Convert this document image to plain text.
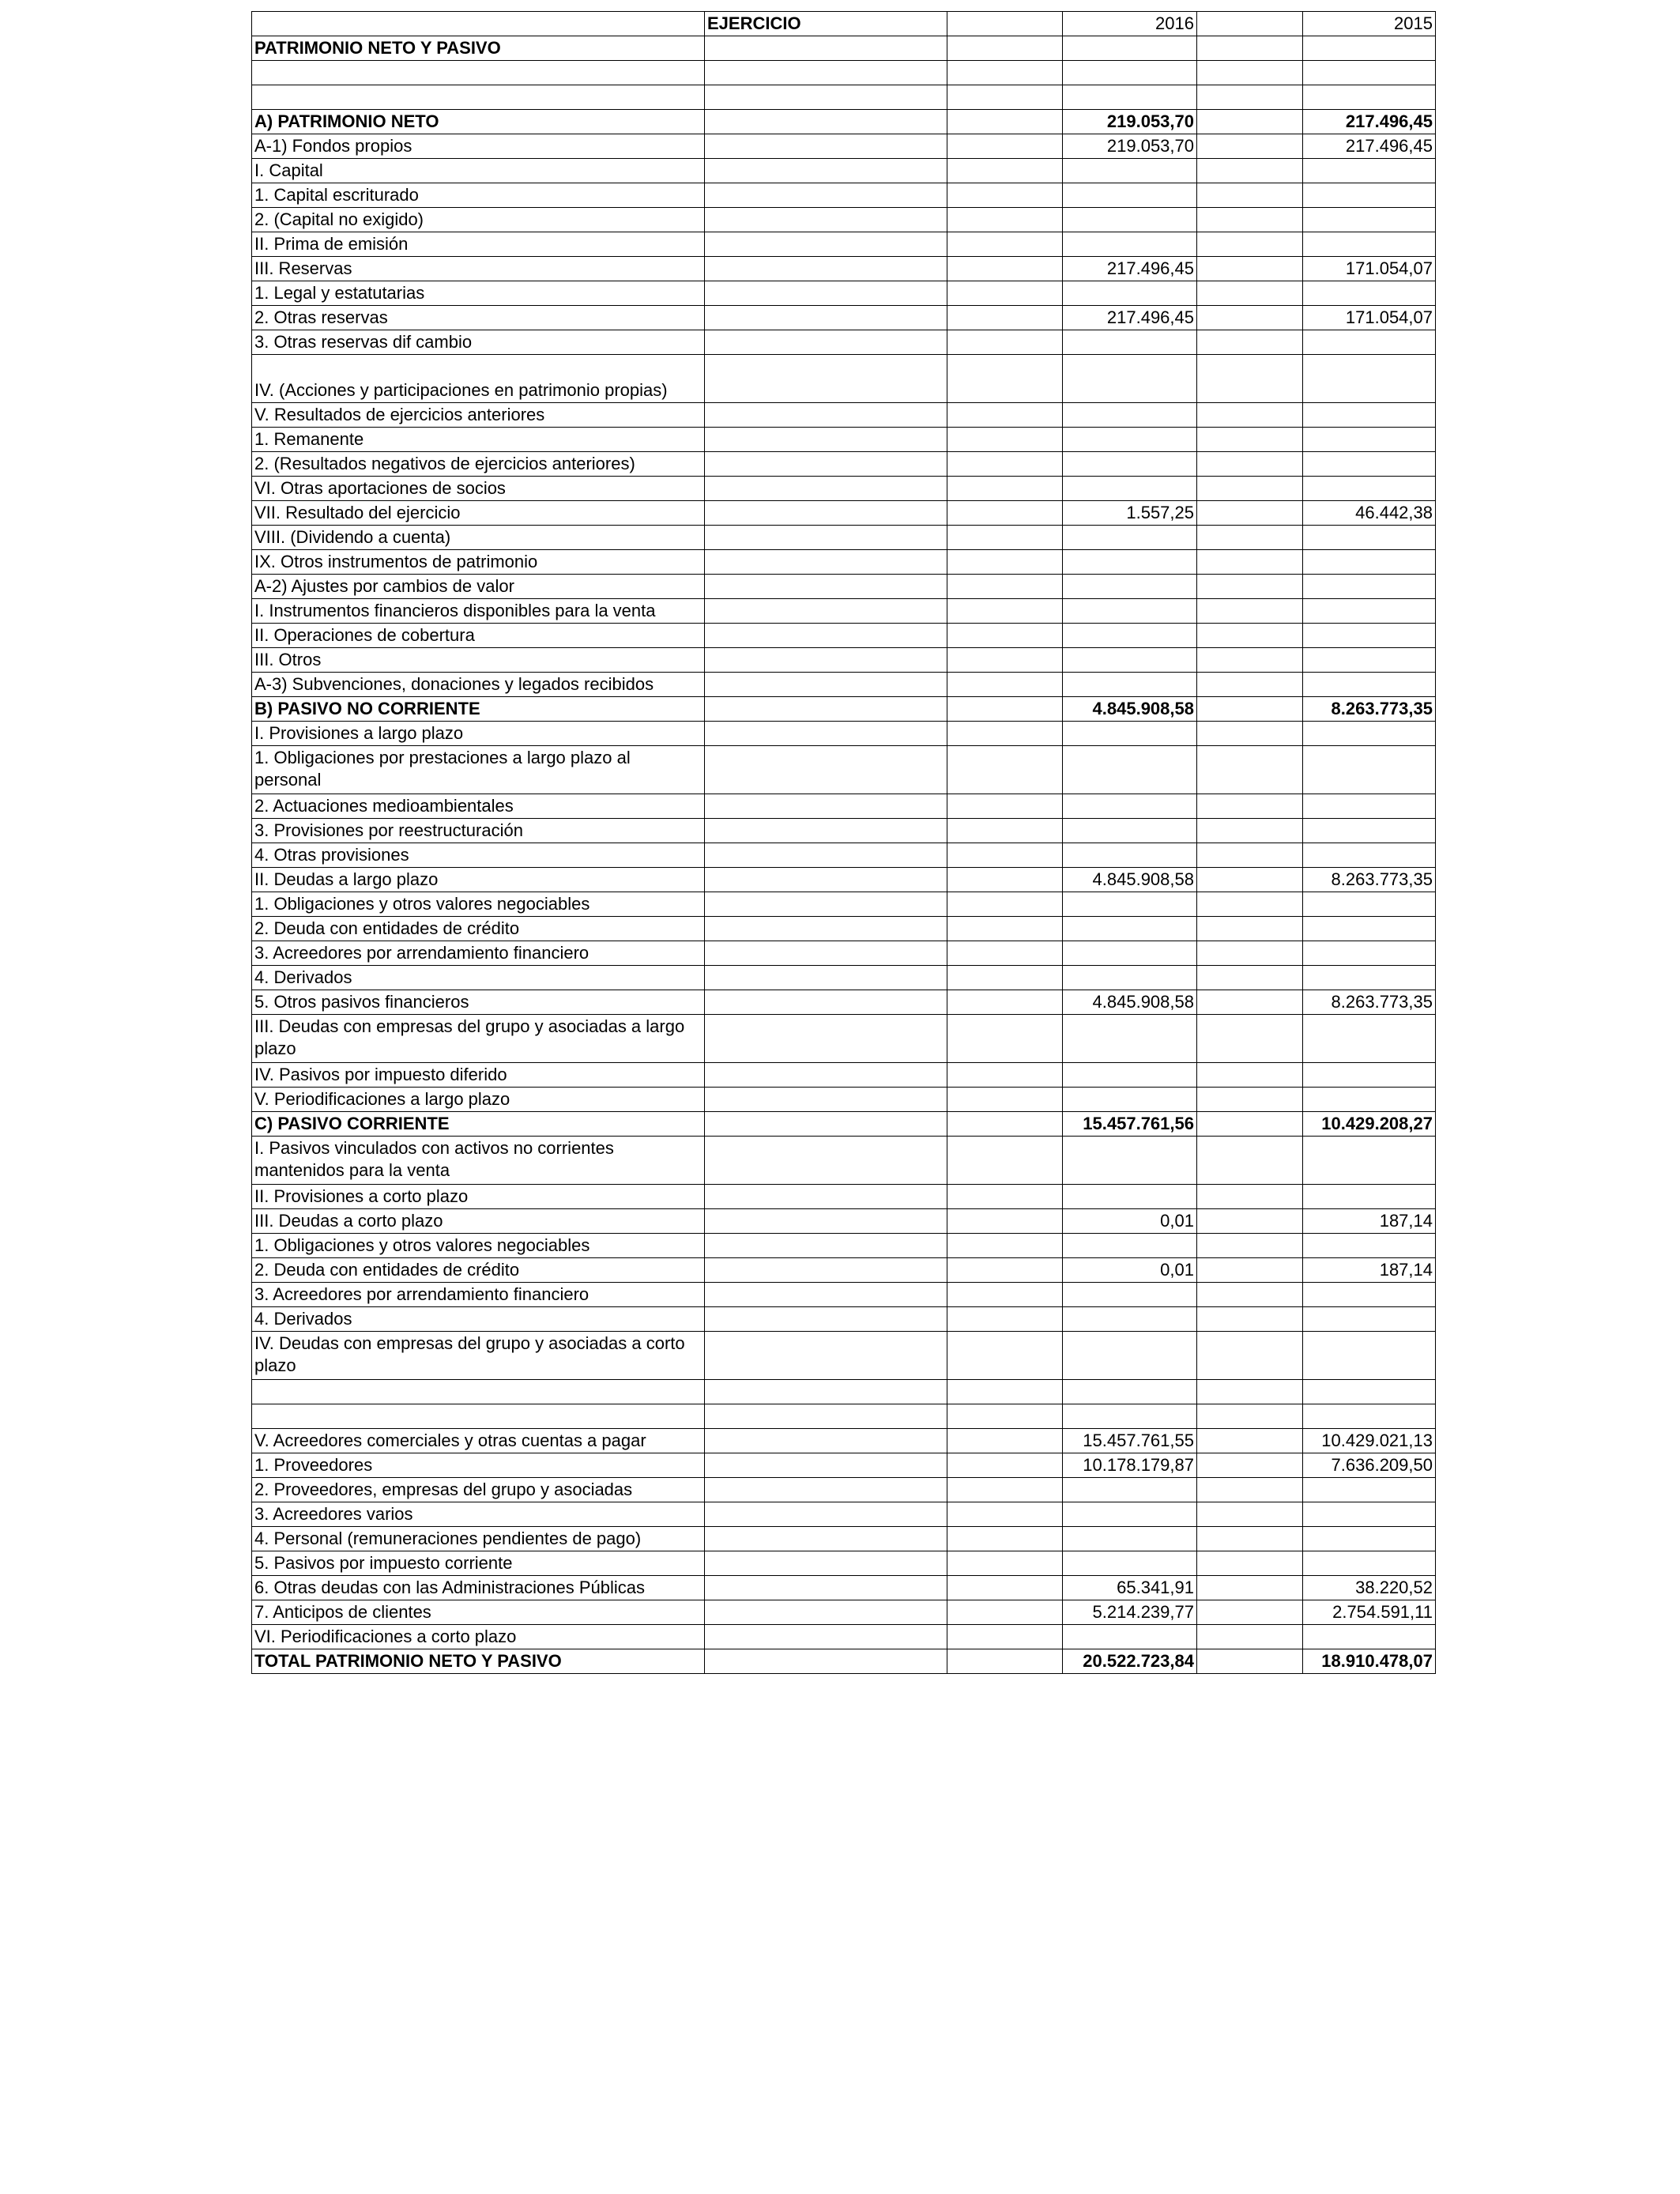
	EJERCICIO		2016		2015
PATRIMONIO NETO Y PASIVO					

A) PATRIMONIO NETO			219.053,70		217.496,45
A-1) Fondos propios			219.053,70		217.496,45
I. Capital					
1. Capital escriturado					
2. (Capital no exigido)					
II. Prima de emisión					
III. Reservas			217.496,45		171.054,07
1. Legal y estatutarias					
2. Otras reservas			217.496,45		171.054,07
3. Otras reservas dif cambio					
IV. (Acciones y participaciones en patrimonio propias)					
V. Resultados de ejercicios anteriores					
1. Remanente					
2. (Resultados negativos de ejercicios anteriores)					
VI. Otras aportaciones de socios					
VII. Resultado del ejercicio			1.557,25		46.442,38
VIII. (Dividendo a cuenta)					
IX. Otros instrumentos de patrimonio					
A-2) Ajustes por cambios de valor					
I. Instrumentos financieros disponibles para la venta					
II. Operaciones de cobertura					
III. Otros					
A-3) Subvenciones, donaciones y legados recibidos					
B) PASIVO NO CORRIENTE			4.845.908,58		8.263.773,35
I. Provisiones a largo plazo					
1. Obligaciones por prestaciones a largo plazo al personal					
2. Actuaciones medioambientales					
3. Provisiones por reestructuración					
4. Otras provisiones					
II. Deudas a largo plazo			4.845.908,58		8.263.773,35
1. Obligaciones y otros valores negociables					
2. Deuda con entidades de crédito					
3. Acreedores por arrendamiento financiero					
4. Derivados					
5. Otros pasivos financieros			4.845.908,58		8.263.773,35
III. Deudas con empresas del grupo y asociadas a largo plazo					
IV. Pasivos por impuesto diferido					
V. Periodificaciones a largo plazo					
C) PASIVO CORRIENTE			15.457.761,56		10.429.208,27
I. Pasivos vinculados con activos no corrientes mantenidos para la venta					
II. Provisiones a corto plazo					
III. Deudas a corto plazo			0,01		187,14
1. Obligaciones y otros valores negociables					
2. Deuda con entidades de crédito			0,01		187,14
3. Acreedores por arrendamiento financiero					
4. Derivados					
IV. Deudas con empresas del grupo y asociadas a corto plazo					

V. Acreedores comerciales y otras cuentas a pagar			15.457.761,55		10.429.021,13
1. Proveedores			10.178.179,87		7.636.209,50
2. Proveedores, empresas del grupo y asociadas					
3. Acreedores varios					
4. Personal (remuneraciones pendientes de pago)					
5. Pasivos por impuesto corriente					
6. Otras deudas con las Administraciones Públicas			65.341,91		38.220,52
7. Anticipos de clientes			5.214.239,77		2.754.591,11
VI. Periodificaciones a corto plazo					
TOTAL PATRIMONIO NETO Y PASIVO			20.522.723,84		18.910.478,07
